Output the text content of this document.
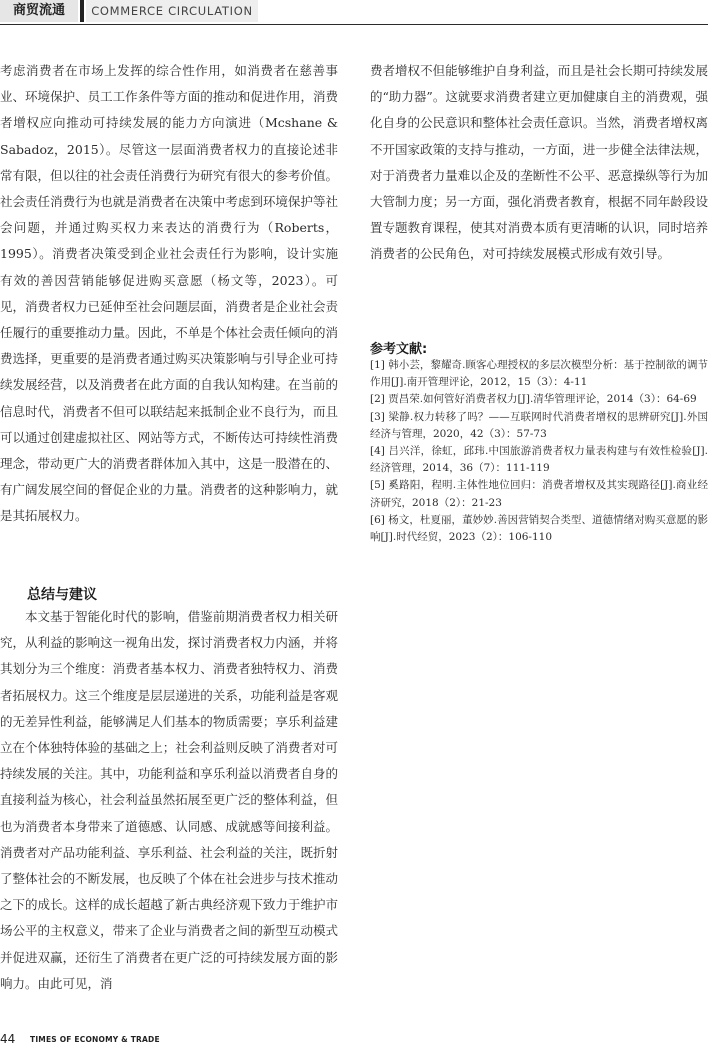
商贸流通	COMMERCE CIRCULATION

考虑消费者在市场上发挥的综合性作用，如消费者在慈善事业、环境保护、员工工作条件等方面的推动和促进作用，消费者增权应向推动可持续发展的能力方向演进（Mcshane & Sabadoz，2015）。尽管这一层面消费者权力的直接论述非常有限，但以往的社会责任消费行为研究有很大的参考价值。社会责任消费行为也就是消费者在决策中考虑到环境保护等社会问题，并通过购买权力来表达的消费行为（Roberts，1995）。消费者决策受到企业社会责任行为影响，设计实施有效的善因营销能够促进购买意愿（杨文等，2023）。可见，消费者权力已延伸至社会问题层面，消费者是企业社会责任履行的重要推动力量。因此，不单是个体社会责任倾向的消费选择，更重要的是消费者通过购买决策影响与引导企业可持续发展经营，以及消费者在此方面的自我认知构建。在当前的信息时代，消费者不但可以联结起来抵制企业不良行为，而且可以通过创建虚拟社区、网站等方式，不断传达可持续性消费理念，带动更广大的消费者群体加入其中，这是一股潜在的、有广阔发展空间的督促企业的力量。消费者的这种影响力，就是其拓展权力。

总结与建议

本文基于智能化时代的影响，借鉴前期消费者权力相关研究，从利益的影响这一视角出发，探讨消费者权力内涵，并将其划分为三个维度：消费者基本权力、消费者独特权力、消费者拓展权力。这三个维度是层层递进的关系，功能利益是客观的无差异性利益，能够满足人们基本的物质需要；享乐利益建立在个体独特体验的基础之上；社会利益则反映了消费者对可持续发展的关注。其中，功能利益和享乐利益以消费者自身的直接利益为核心，社会利益虽然拓展至更广泛的整体利益，但也为消费者本身带来了道德感、认同感、成就感等间接利益。消费者对产品功能利益、享乐利益、社会利益的关注，既折射了整体社会的不断发展，也反映了个体在社会进步与技术推动之下的成长。这样的成长超越了新古典经济观下致力于维护市场公平的主权意义，带来了企业与消费者之间的新型互动模式并促进双赢，还衍生了消费者在更广泛的可持续发展方面的影响力。由此可见，消

费者增权不但能够维护自身利益，而且是社会长期可持续发展的“助力器”。这就要求消费者建立更加健康自主的消费观，强化自身的公民意识和整体社会责任意识。当然，消费者增权离不开国家政策的支持与推动，一方面，进一步健全法律法规，对于消费者力量难以企及的垄断性不公平、恶意操纵等行为加大管制力度；另一方面，强化消费者教育，根据不同年龄段设置专题教育课程，使其对消费本质有更清晰的认识，同时培养消费者的公民角色，对可持续发展模式形成有效引导。

参考文献:

[1] 韩小芸，黎耀奇.顾客心理授权的多层次模型分析：基于控制欲的调节作用[J].南开管理评论，2012，15（3）：4-11

[2] 贾昌荣.如何管好消费者权力[J].清华管理评论，2014（3）：64-69

[3] 梁静.权力转移了吗？——互联网时代消费者增权的思辨研究[J].外国经济与管理，2020，42（3）：57-73

[4] 吕兴洋，徐虹，邱玮.中国旅游消费者权力量表构建与有效性检验[J].经济管理，2014，36（7）：111-119

[5] 奚路阳，程明.主体性地位回归：消费者增权及其实现路径[J].商业经济研究，2018（2）：21-23

[6] 杨文，杜夏丽，董妙妙.善因营销契合类型、道德情绪对购买意愿的影响[J].时代经贸，2023（2）：106-110

44 TIMES OF ECONOMY & TRADE
